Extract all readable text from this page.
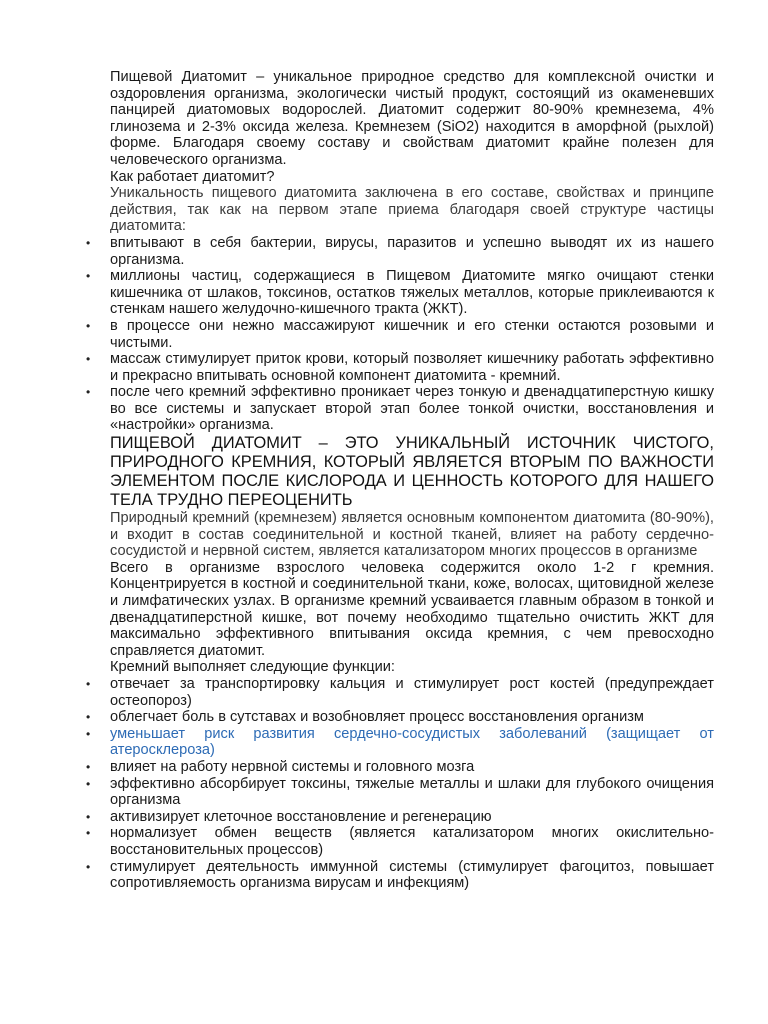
Пищевой Диатомит – уникальное природное средство для комплексной очистки и оздоровления организма, экологически чистый продукт, состоящий из окаменевших панцирей диатомовых водорослей. Диатомит содержит 80-90% кремнезема, 4% глинозема и 2-3% оксида железа. Кремнезем (SiO2) находится в аморфной (рыхлой) форме. Благодаря своему составу и свойствам диатомит крайне полезен для человеческого организма.

Как работает диатомит?

Уникальность пищевого диатомита заключена в его составе, свойствах и принципе действия, так как на первом этапе приема благодаря своей структуре частицы диатомита:

•	впитывают в себя бактерии, вирусы, паразитов и успешно выводят их из нашего организма.
•	миллионы частиц, содержащиеся в Пищевом Диатомите мягко очищают стенки кишечника от шлаков, токсинов, остатков тяжелых металлов, которые приклеиваются к стенкам нашего желудочно-кишечного тракта (ЖКТ).
•	в процессе они нежно массажируют кишечник и его стенки остаются розовыми и чистыми.
•	массаж стимулирует приток крови, который позволяет кишечнику работать эффективно и прекрасно впитывать основной компонент диатомита - кремний.
•	после чего кремний эффективно проникает через тонкую и двенадцатиперстную кишку во все системы и запускает второй этап более тонкой очистки, восстановления и «настройки» организма.

ПИЩЕВОЙ ДИАТОМИТ – ЭТО УНИКАЛЬНЫЙ ИСТОЧНИК ЧИСТОГО, ПРИРОДНОГО КРЕМНИЯ, КОТОРЫЙ ЯВЛЯЕТСЯ ВТОРЫМ ПО ВАЖНОСТИ ЭЛЕМЕНТОМ ПОСЛЕ КИСЛОРОДА И ЦЕННОСТЬ КОТОРОГО ДЛЯ НАШЕГО ТЕЛА ТРУДНО ПЕРЕОЦЕНИТЬ

Природный кремний (кремнезем) является основным компонентом диатомита (80-90%), и входит в состав соединительной и костной тканей, влияет на работу сердечно-сосудистой и нервной систем, является катализатором многих процессов в организме

Всего в организме взрослого человека содержится около 1-2 г кремния. Концентрируется в костной и соединительной ткани, коже, волосах, щитовидной железе и лимфатических узлах. В организме кремний усваивается главным образом в тонкой и двенадцатиперстной кишке, вот почему необходимо тщательно очистить ЖКТ для максимально эффективного впитывания оксида кремния, с чем превосходно справляется диатомит.

Кремний выполняет следующие функции:

•	отвечает за транспортировку кальция и стимулирует рост костей (предупреждает остеопороз)
•	облегчает боль в сутставах и возобновляет процесс восстановления организм
•	уменьшает риск развития сердечно-сосудистых заболеваний (защищает от атеросклероза)
•	влияет на работу нервной системы и головного мозга
•	эффективно абсорбирует токсины, тяжелые металлы и шлаки для глубокого очищения организма
•	активизирует клеточное восстановление и регенерацию
•	нормализует обмен веществ (является катализатором многих окислительно-восстановительных процессов)
•	стимулирует деятельность иммунной системы (стимулирует фагоцитоз, повышает сопротивляемость организма вирусам и инфекциям)
